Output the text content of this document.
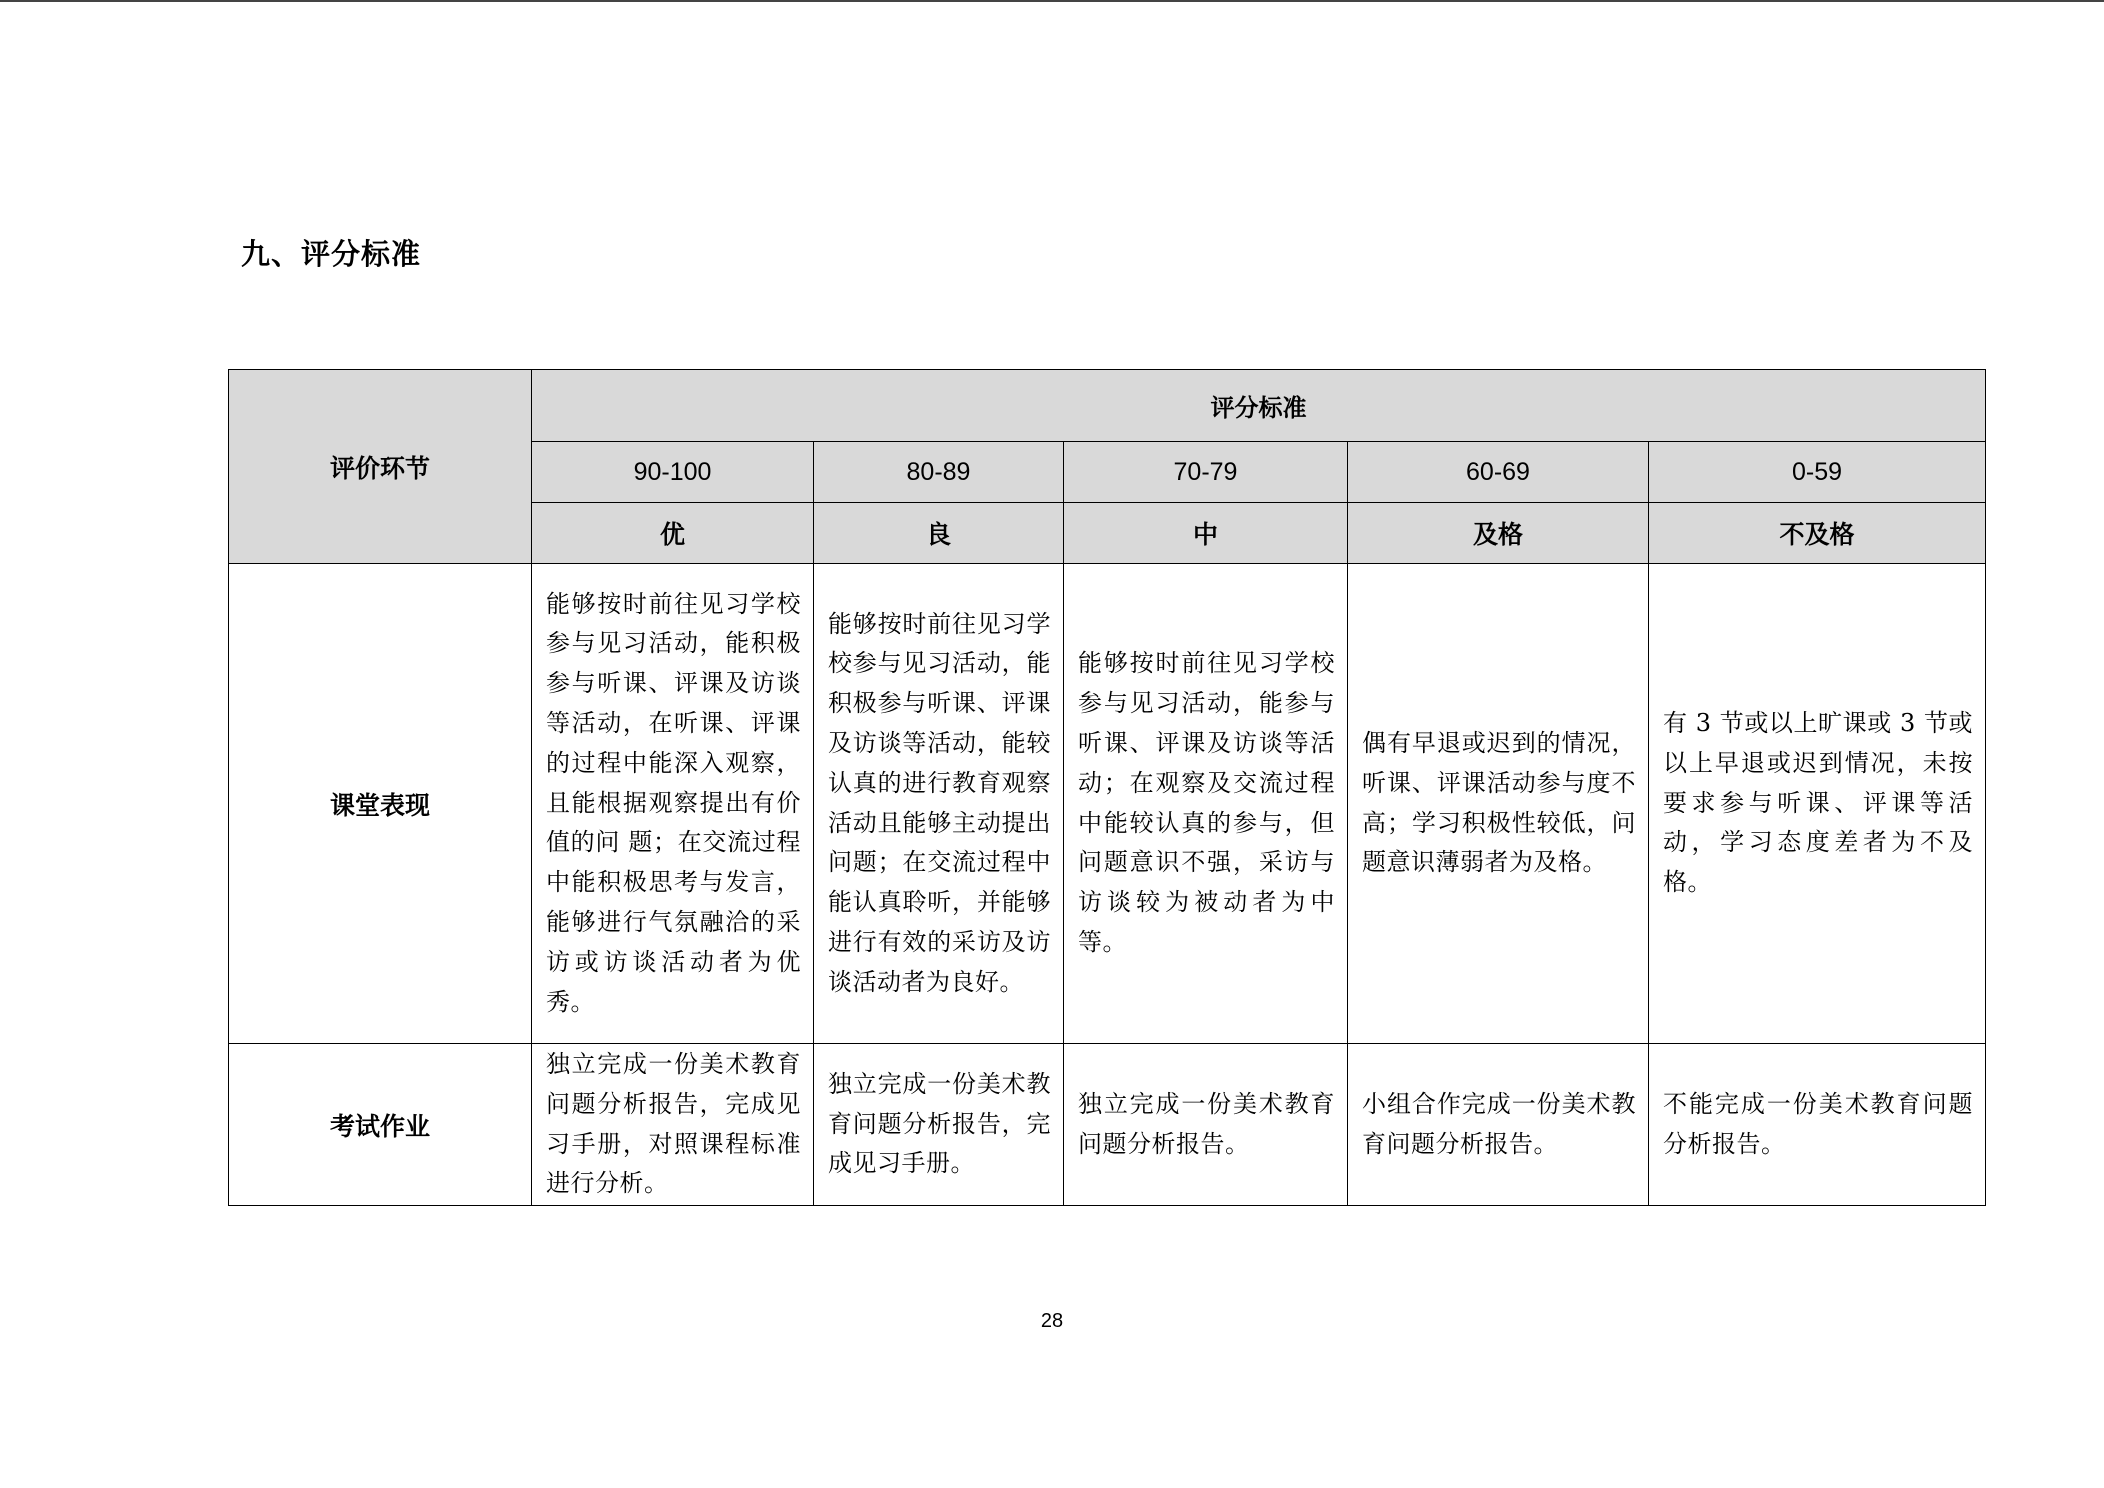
九、评分标准
评价环节	评分标准				
	90-100	80-89	70-79	60-69	0-59
	优	良	中	及格	不及格
课堂表现	能够按时前往见习学校参与见习活动，能积极参与听课、评课及访谈等活动，在听课、评课的过程中能深入观察，且能根据观察提出有价值的问 题；在交流过程中能积极思考与发言，能够进行气氛融洽的采访或访谈活动者为优秀。	能够按时前往见习学校参与见习活动，能积极参与听课、评课及访谈等活动，能较认真的进行教育观察活动且能够主动提出问题；在交流过程中能认真聆听，并能够进行有效的采访及访谈活动者为良好。	能够按时前往见习学校参与见习活动，能参与听课、评课及访谈等活动；在观察及交流过程中能较认真的参与，但问题意识不强，采访与访谈较为被动者为中等。	偶有早退或迟到的情况，听课、评课活动参与度不高；学习积极性较低，问题意识薄弱者为及格。	有 3 节或以上旷课或 3 节或以上早退或迟到情况，未按要求参与听课、评课等活动，学习态度差者为不及格。
考试作业	独立完成一份美术教育问题分析报告，完成见习手册，对照课程标准进行分析。	独立完成一份美术教育问题分析报告，完成见习手册。	独立完成一份美术教育问题分析报告。	小组合作完成一份美术教育问题分析报告。	不能完成一份美术教育问题分析报告。

28
